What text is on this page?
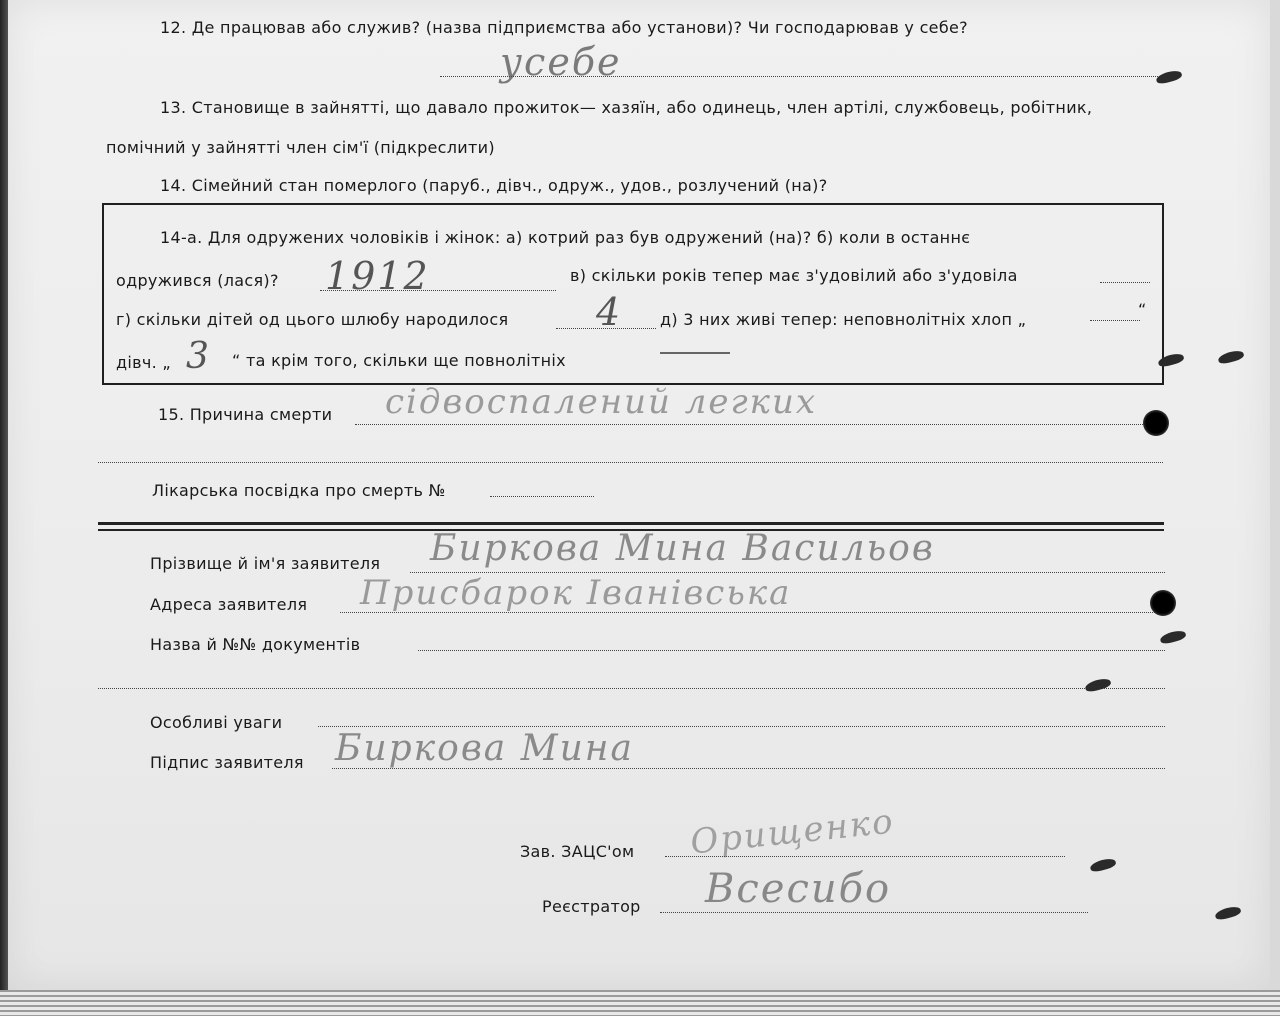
12. Де працював або служив? (назва підприємства або установи)? Чи господарював у себе?
усебе
13. Становище в зайнятті, що давало прожиток— хазяїн, або одинець, член артілі, службовець, робітник,
помічний у зайнятті член сім'ї (підкреслити)
14. Сімейний стан померлого (паруб., дівч., одруж., удов., розлучений (на)?
14-а. Для одружених чоловіків і жінок: а) котрий раз був одружений (на)? б) коли в останнє
одружився (лася)? 1912	в) скільки років тепер має з'удовілий або з'удовіла
г) скільки дітей од цього шлюбу народилося 4 д) 3 них живі тепер: неповнолітніх хлоп „
“
дівч. „ 3 “ та крім того, скільки ще повнолітніх
15. Причина смерти сідвоспалений легких
Лікарська посвідка про смерть №
Прізвище й ім'я заявителя Биркова Мина Васильов
Адреса заявителя Присбарок Іванівська
Назва й №№ документів
Особливі уваги
Підпис заявителя Биркова Мина
Зав. ЗАЦС'ом Орищенко
Реєстратор Всесибо
